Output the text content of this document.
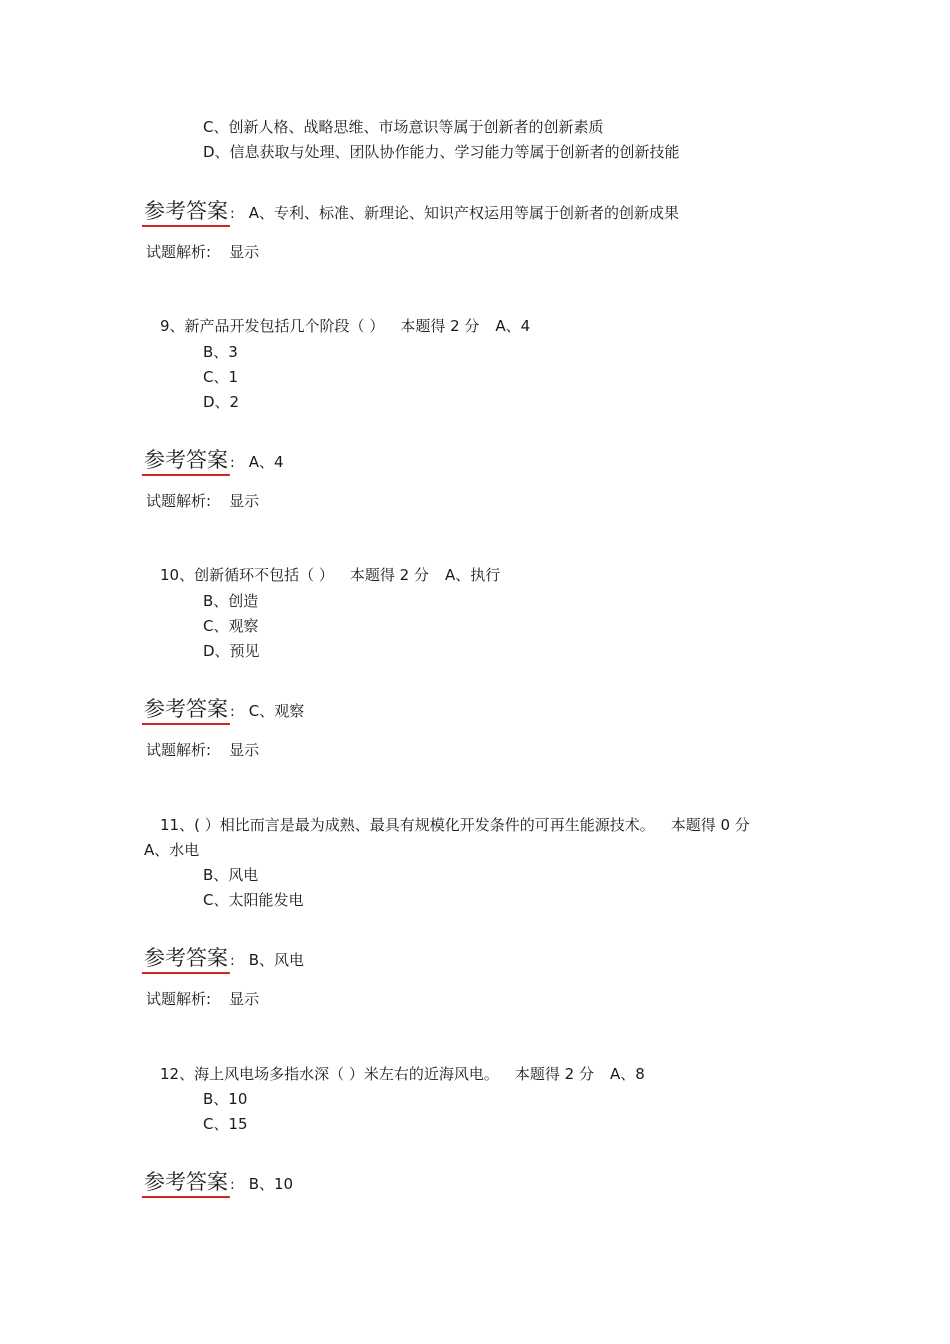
C、创新人格、战略思维、市场意识等属于创新者的创新素质
D、信息获取与处理、团队协作能力、学习能力等属于创新者的创新技能
参考答案 : A、专利、标准、新理论、知识产权运用等属于创新者的创新成果
试题解析: 显示
9、新产品开发包括几个阶段（ ） 本题得 2 分 A、4
B、3
C、1
D、2
参考答案 : A、4
试题解析: 显示
10、创新循环不包括（ ） 本题得 2 分 A、执行
B、创造
C、观察
D、预见
参考答案 : C、观察
试题解析: 显示
11、( ）相比而言是最为成熟、最具有规模化开发条件的可再生能源技术。 本题得 0 分
A、水电
B、风电
C、太阳能发电
参考答案 : B、风电
试题解析: 显示
12、海上风电场多指水深（ ）米左右的近海风电。 本题得 2 分 A、8
B、10
C、15
参考答案 : B、10
